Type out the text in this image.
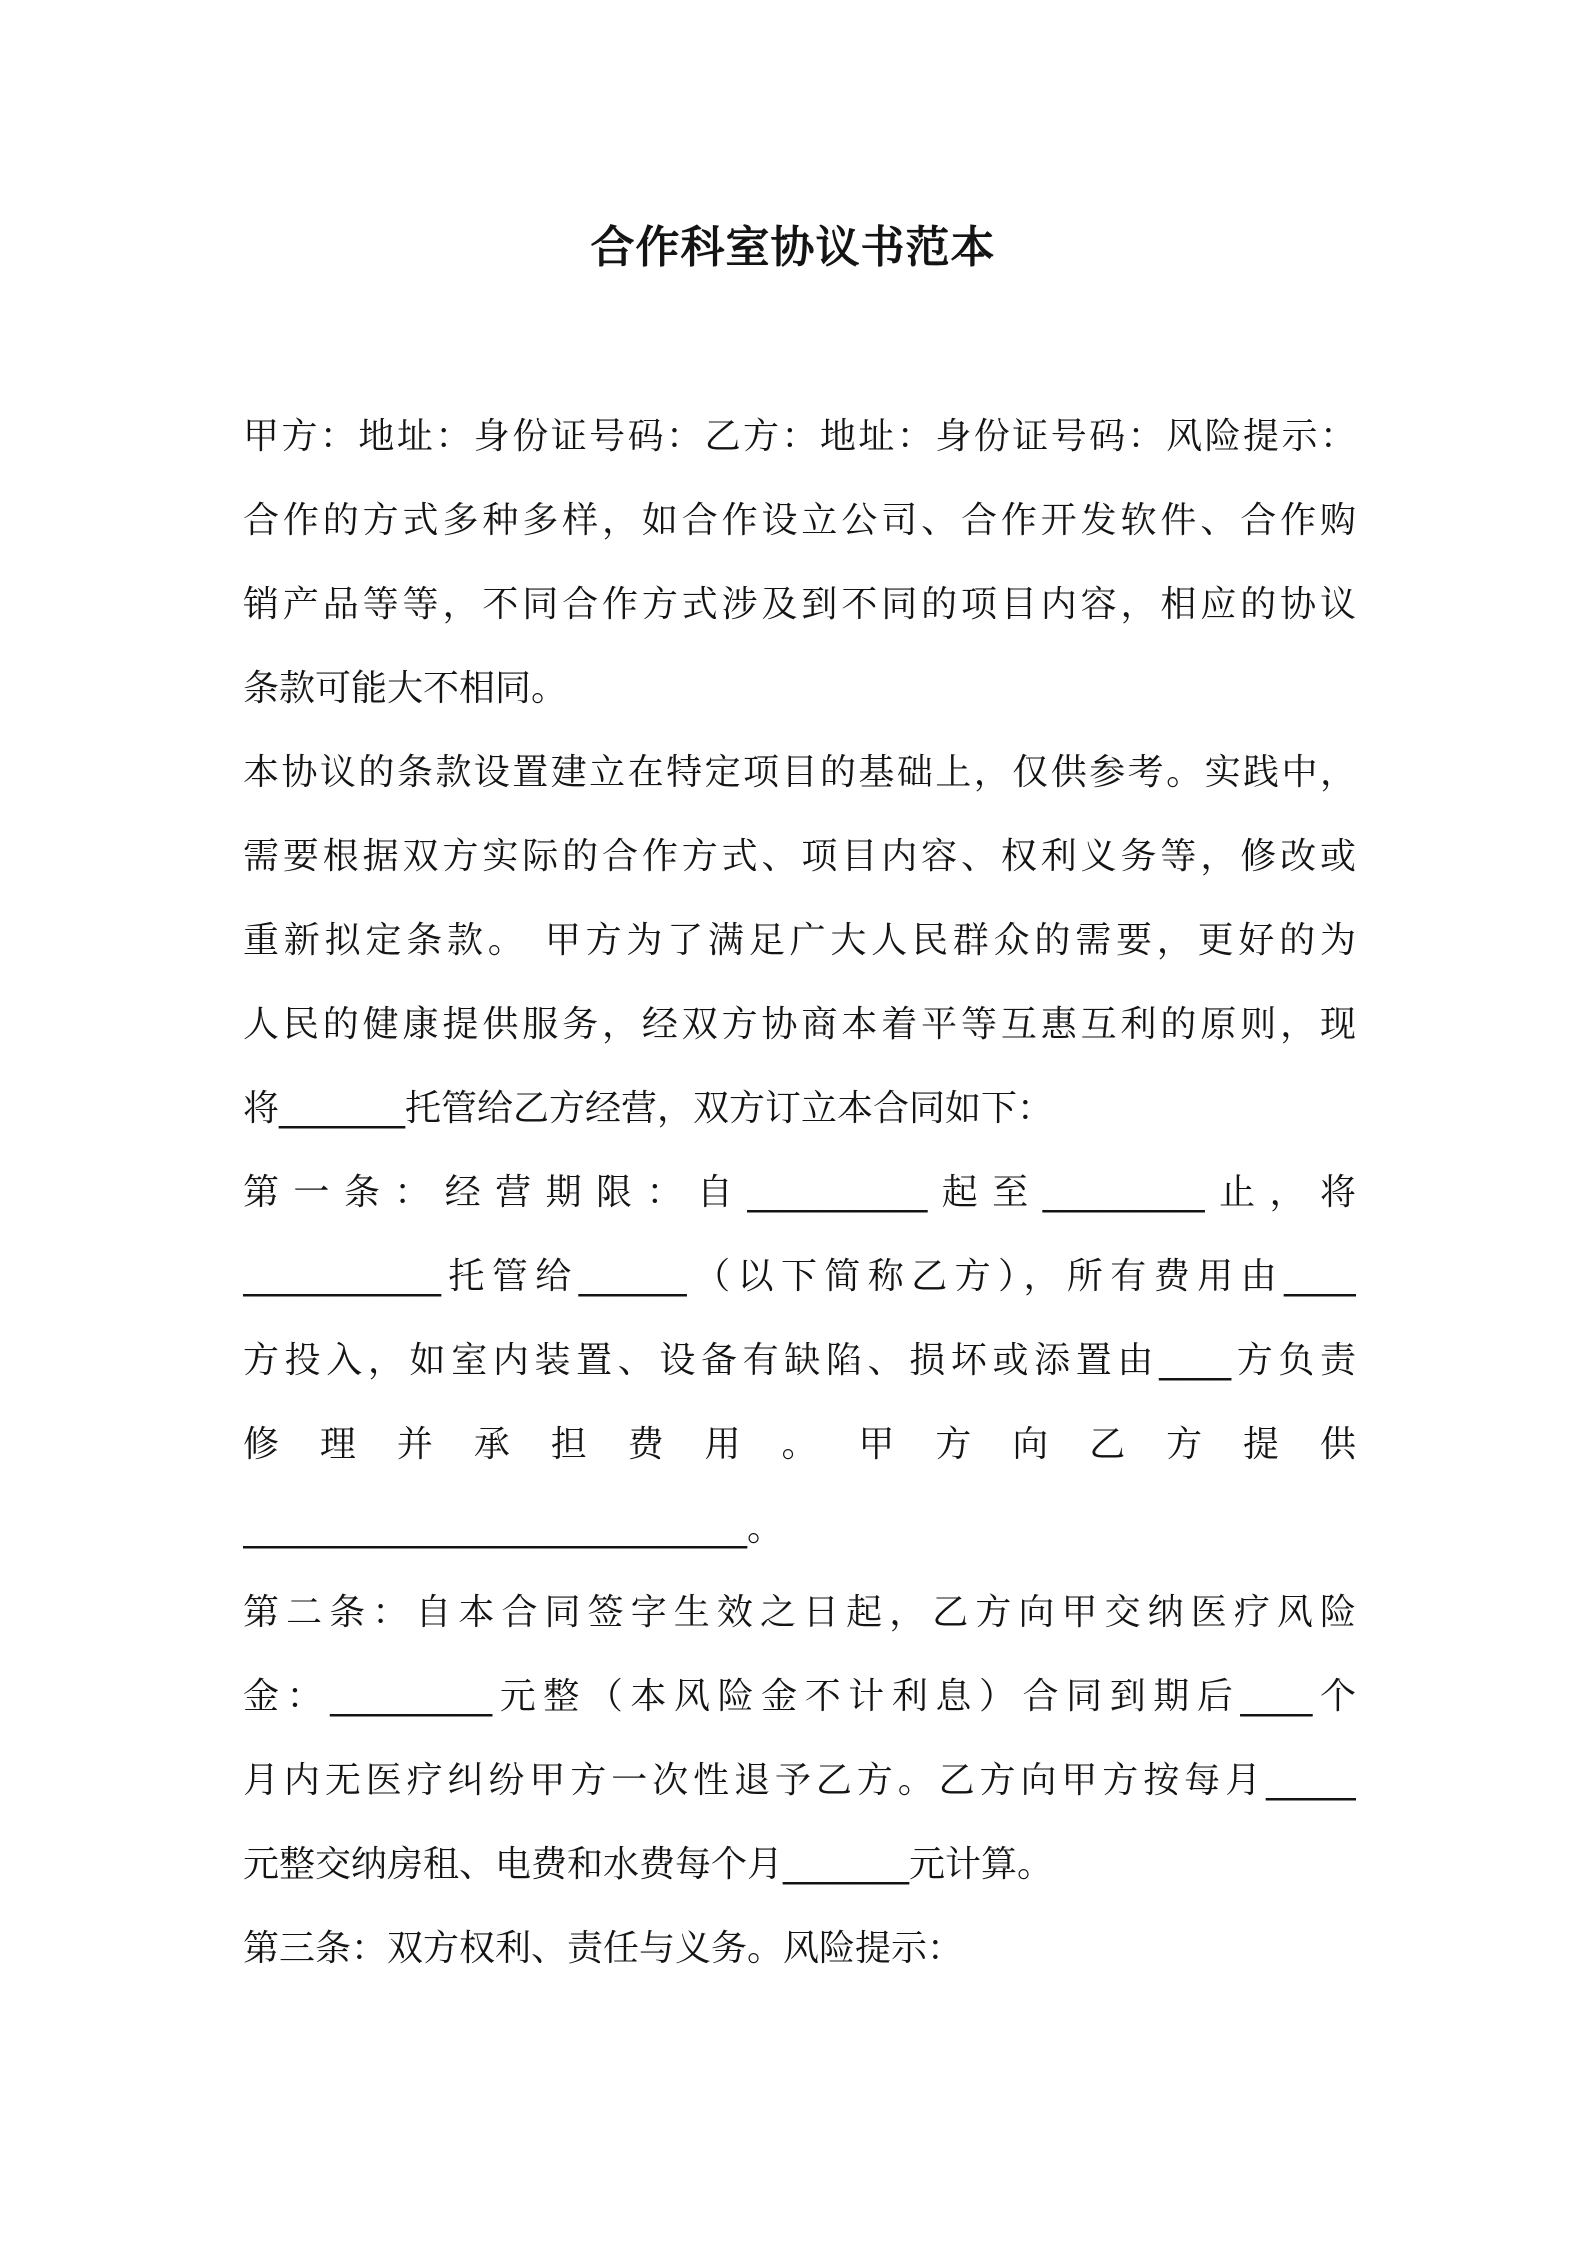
合作科室协议书范本
甲方：地址：身份证号码：乙方：地址：身份证号码：风险提示：
合作的方式多种多样，如合作设立公司、合作开发软件、合作购
销产品等等，不同合作方式涉及到不同的项目内容，相应的协议
条款可能大不相同。
本协议的条款设置建立在特定项目的基础上，仅供参考。实践中，
需要根据双方实际的合作方式、项目内容、权利义务等，修改或
重新拟定条款。 甲方为了满足广大人民群众的需要，更好的为
人民的健康提供服务，经双方协商本着平等互惠互利的原则，现
将_______托管给乙方经营，双方订立本合同如下：
第一条：经营期限：自__________起至_________止，将
___________托管给______（以下简称乙方），所有费用由____
方投入，如室内装置、设备有缺陷、损坏或添置由____方负责
修理并承担费用。甲方向乙方提供
____________________________。
第二条：自本合同签字生效之日起，乙方向甲交纳医疗风险
金：_________元整（本风险金不计利息）合同到期后____个
月内无医疗纠纷甲方一次性退予乙方。乙方向甲方按每月_____
元整交纳房租、电费和水费每个月_______元计算。
第三条：双方权利、责任与义务。风险提示：
